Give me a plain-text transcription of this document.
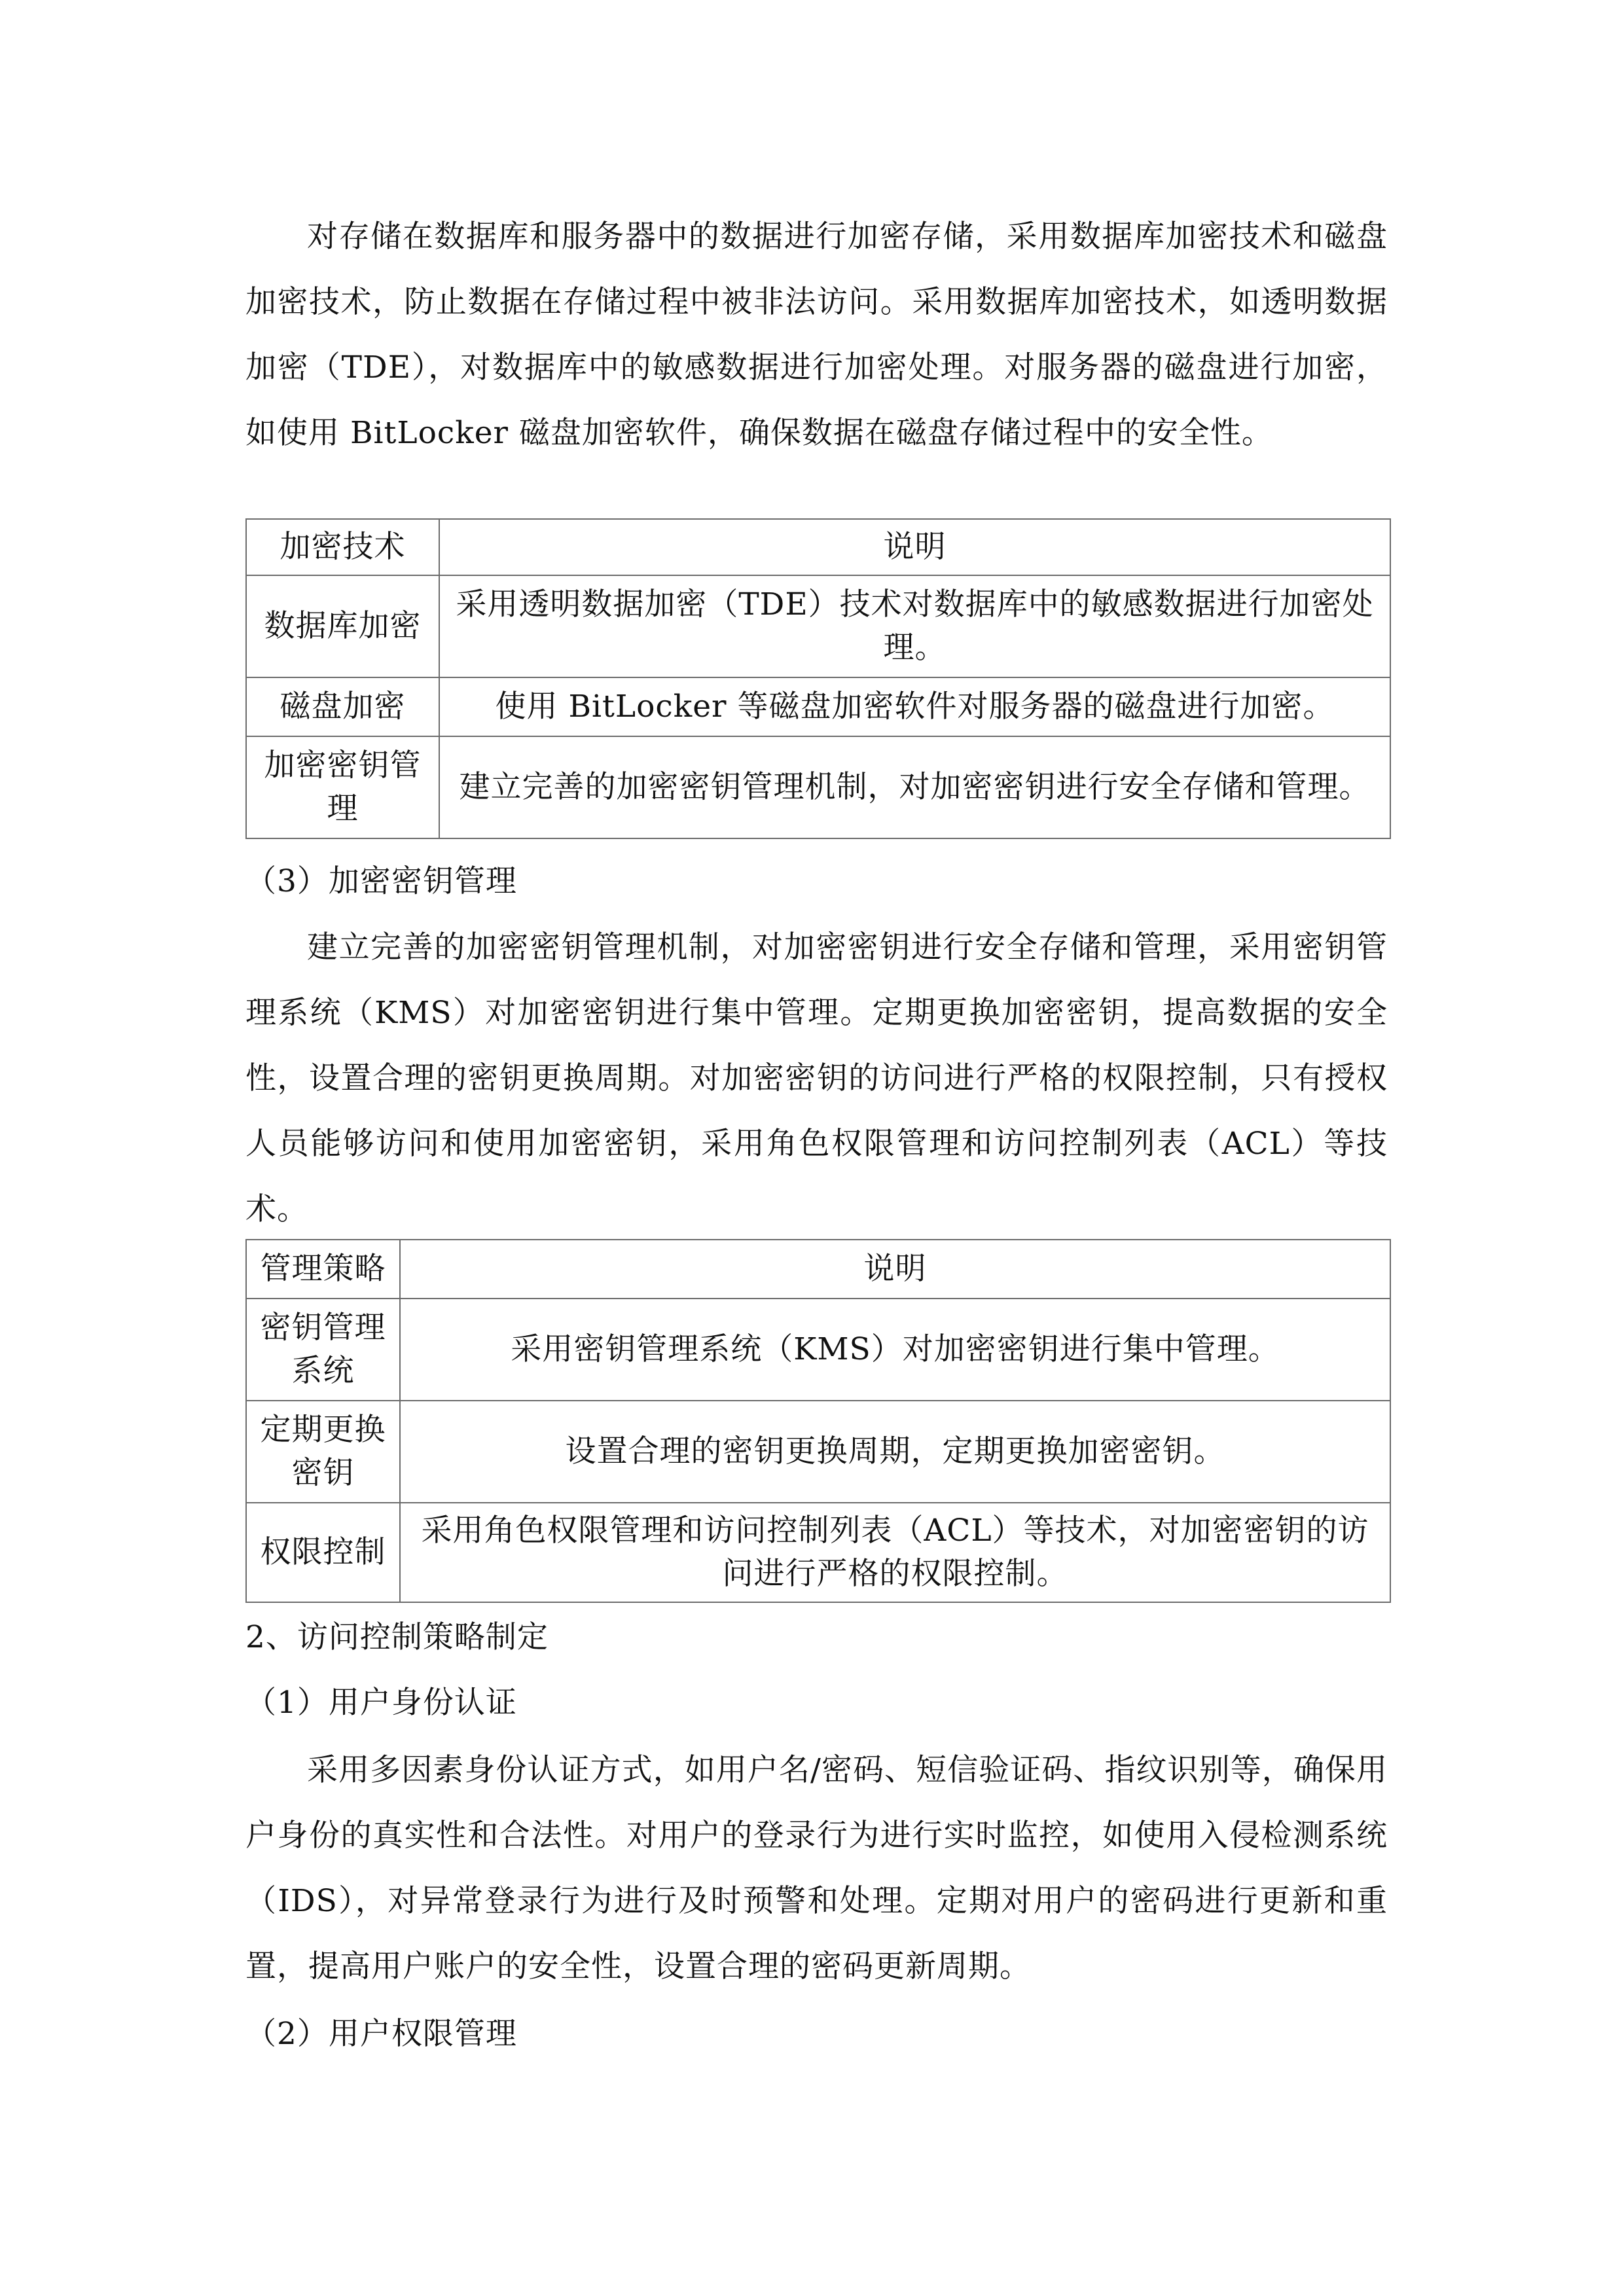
对存储在数据库和服务器中的数据进行加密存储，采用数据库加密技术和磁盘加密技术，防止数据在存储过程中被非法访问。采用数据库加密技术，如透明数据加密（TDE），对数据库中的敏感数据进行加密处理。对服务器的磁盘进行加密，如使用 BitLocker 磁盘加密软件，确保数据在磁盘存储过程中的安全性。

加密技术	说明
数据库加密	采用透明数据加密（TDE）技术对数据库中的敏感数据进行加密处理。
磁盘加密	使用 BitLocker 等磁盘加密软件对服务器的磁盘进行加密。
加密密钥管理	建立完善的加密密钥管理机制，对加密密钥进行安全存储和管理。
（3）加密密钥管理

建立完善的加密密钥管理机制，对加密密钥进行安全存储和管理，采用密钥管理系统（KMS）对加密密钥进行集中管理。定期更换加密密钥，提高数据的安全性，设置合理的密钥更换周期。对加密密钥的访问进行严格的权限控制，只有授权人员能够访问和使用加密密钥，采用角色权限管理和访问控制列表（ACL）等技术。

管理策略	说明
密钥管理系统	采用密钥管理系统（KMS）对加密密钥进行集中管理。
定期更换密钥	设置合理的密钥更换周期，定期更换加密密钥。
权限控制	采用角色权限管理和访问控制列表（ACL）等技术，对加密密钥的访问进行严格的权限控制。
2、访问控制策略制定
（1）用户身份认证

采用多因素身份认证方式，如用户名/密码、短信验证码、指纹识别等，确保用户身份的真实性和合法性。对用户的登录行为进行实时监控，如使用入侵检测系统（IDS），对异常登录行为进行及时预警和处理。定期对用户的密码进行更新和重置，提高用户账户的安全性，设置合理的密码更新周期。

（2）用户权限管理
